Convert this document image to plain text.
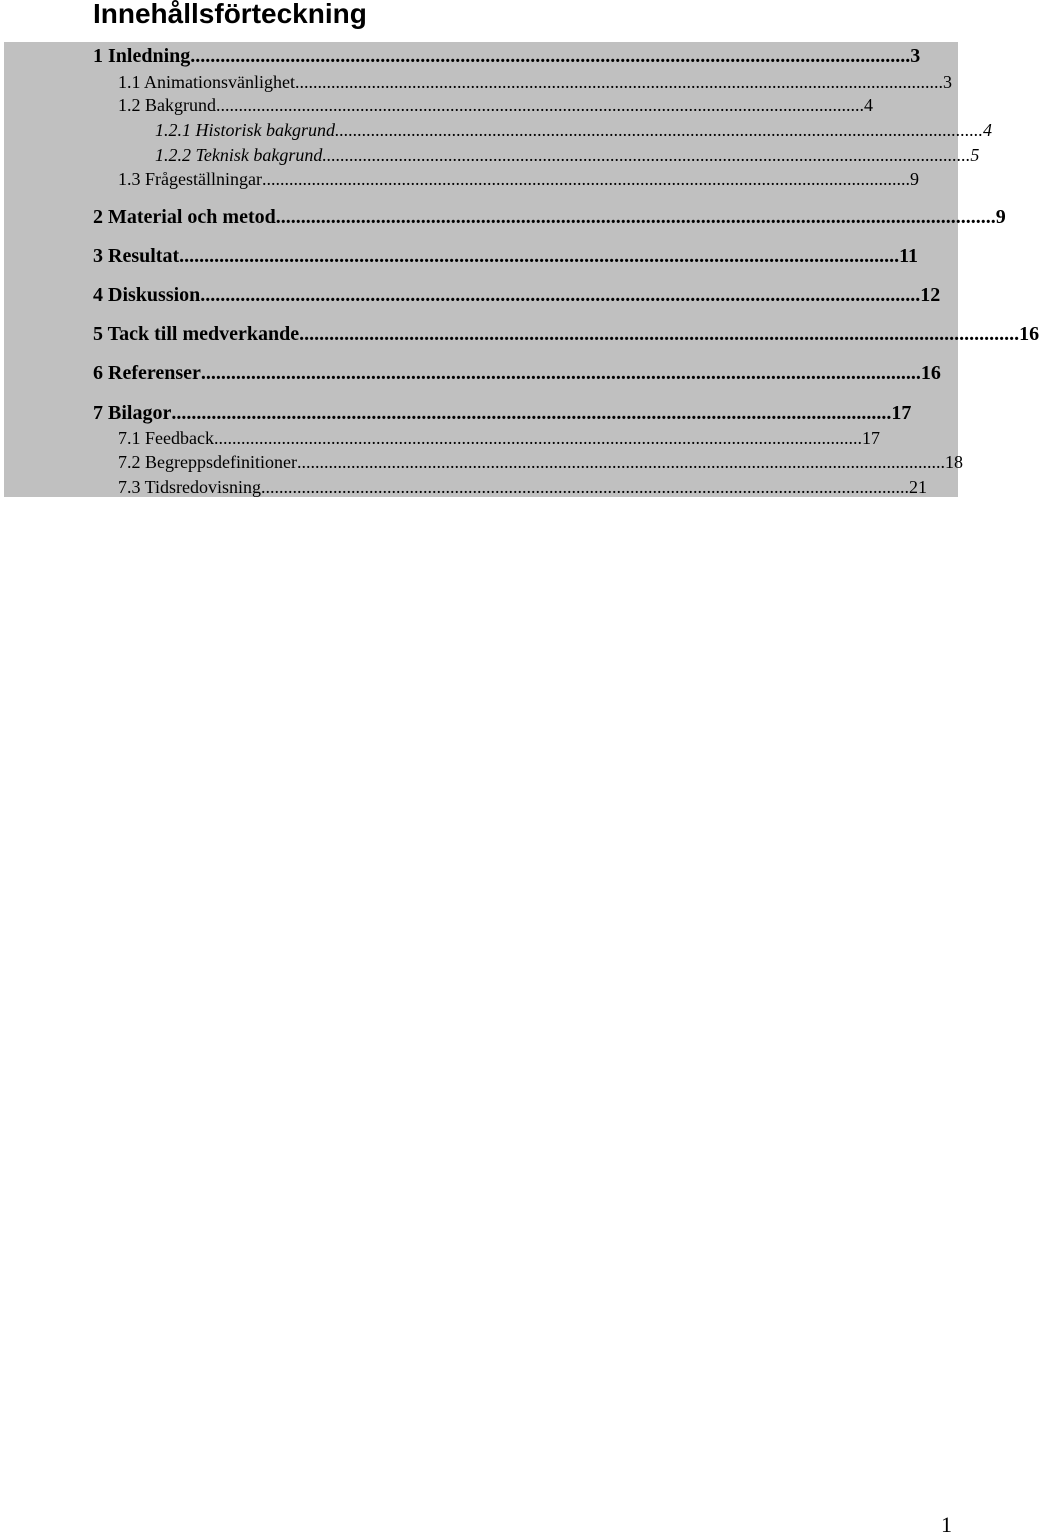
Innehållsförteckning
1 Inledning ................................................................................................................................................ 3
1.1 Animationsvänlighet ................................................................................................................................................ 3
1.2 Bakgrund ................................................................................................................................................ 4
1.2.1 Historisk bakgrund ................................................................................................................................................ 4
1.2.2 Teknisk bakgrund ................................................................................................................................................ 5
1.3 Frågeställningar ................................................................................................................................................ 9
2 Material och metod ................................................................................................................................................ 9
3 Resultat ................................................................................................................................................ 11
4 Diskussion ................................................................................................................................................ 12
5 Tack till medverkande ................................................................................................................................................ 16
6 Referenser ................................................................................................................................................ 16
7 Bilagor ................................................................................................................................................ 17
7.1 Feedback ................................................................................................................................................ 17
7.2 Begreppsdefinitioner ................................................................................................................................................ 18
7.3 Tidsredovisning ................................................................................................................................................ 21
1
